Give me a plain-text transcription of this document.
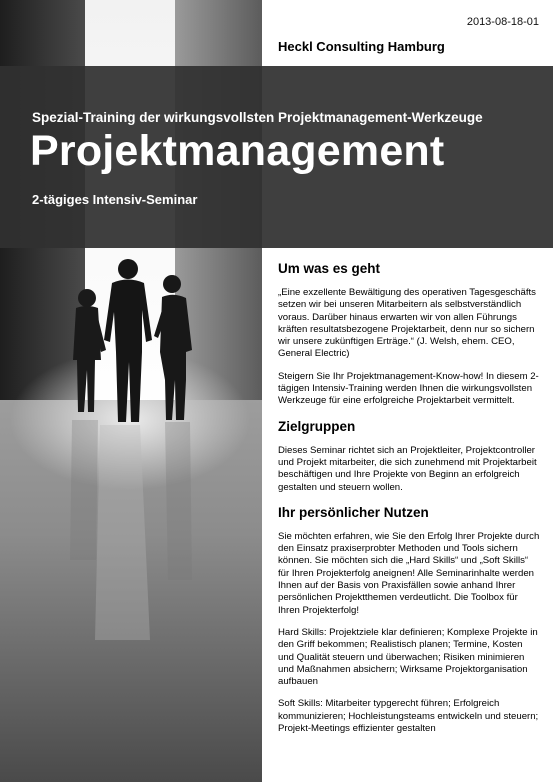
2013-08-18-01
Heckl Consulting Hamburg
Spezial-Training der wirkungsvollsten Projektmanagement-Werkzeuge
Projektmanagement
2-tägiges Intensiv-Seminar
Um was es geht

„Eine exzellente Bewältigung des operativen Tagesgeschäfts setzen wir bei unseren Mitarbeitern als selbstverständlich voraus. Darüber hinaus erwarten wir von allen Führungs kräften resultatsbezogene Projektarbeit, denn nur so sichern wir unsere zukünftigen Erträge.“ (J. Welsh, ehem. CEO, General Electric)

Steigern Sie Ihr Projektmanagement-Know-how! In diesem 2-tägigen Intensiv-Training werden Ihnen die wirkungsvollsten Werkzeuge für eine erfolgreiche Projektarbeit vermittelt.

Zielgruppen

Dieses Seminar richtet sich an Projektleiter, Projektcontroller und Projekt mitarbeiter, die sich zunehmend mit Projektarbeit beschäftigen und Ihre Projekte von Beginn an erfolgreich gestalten und steuern wollen.

Ihr persönlicher Nutzen

Sie möchten erfahren, wie Sie den Erfolg Ihrer Projekte durch den Einsatz praxiserprobter Methoden und Tools sichern können. Sie möchten sich die „Hard Skills“ und „Soft Skills“ für Ihren Projekterfolg aneignen! Alle Seminarinhalte werden Ihnen auf der Basis von Praxisfällen sowie anhand Ihrer persönlichen Projektthemen verdeutlicht. Die Toolbox für Ihren Projekterfolg!

Hard Skills: Projektziele klar definieren; Komplexe Projekte in den Griff bekommen; Realistisch planen; Termine, Kosten und Qualität steuern und überwachen; Risiken minimieren und Maßnahmen absichern; Wirksame Projektorganisation aufbauen

Soft Skills: Mitarbeiter typgerecht führen; Erfolgreich kommunizieren; Hochleistungsteams entwickeln und steuern; Projekt-Meetings effizienter gestalten
